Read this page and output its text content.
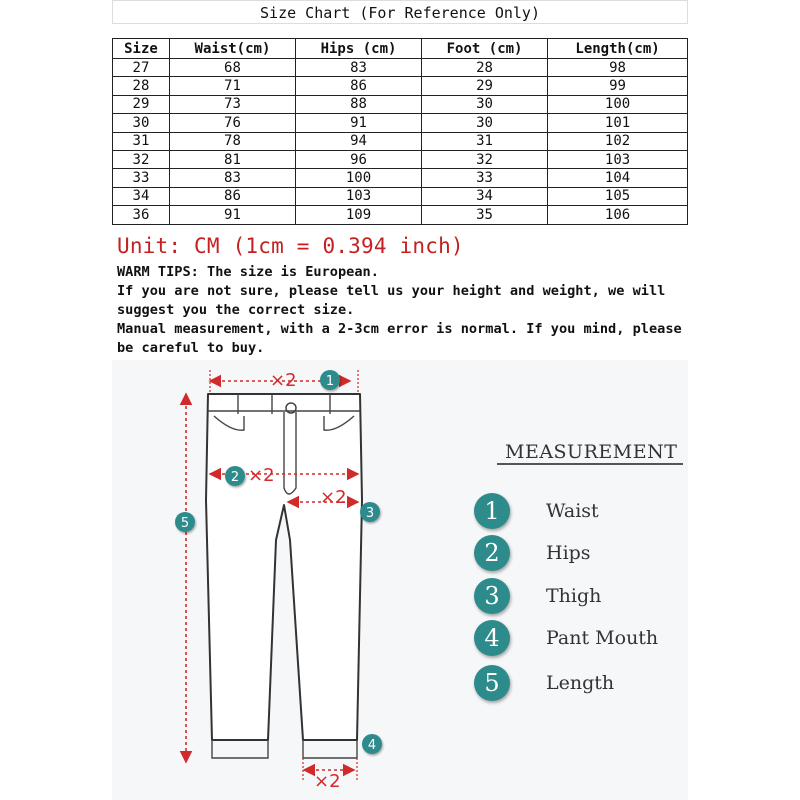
Size Chart (For Reference Only)
Size	Waist(cm)	Hips (cm)	Foot (cm)	Length(cm)
27	68	83	28	98
28	71	86	29	99
29	73	88	30	100
30	76	91	30	101
31	78	94	31	102
32	81	96	32	103
33	83	100	33	104
34	86	103	34	105
36	91	109	35	106
Unit: CM (1cm = 0.394 inch)

WARM TIPS: The size is European.

If you are not sure, please tell us your height and weight, we will suggest you the correct size.

Manual measurement, with a 2-3cm error is normal. If you mind, please be careful to buy.

×2
×2
×2
×2
1
2
3
4
5
MEASUREMENT
1	Waist
2	Hips
3	Thigh
4	Pant Mouth
5	Length
